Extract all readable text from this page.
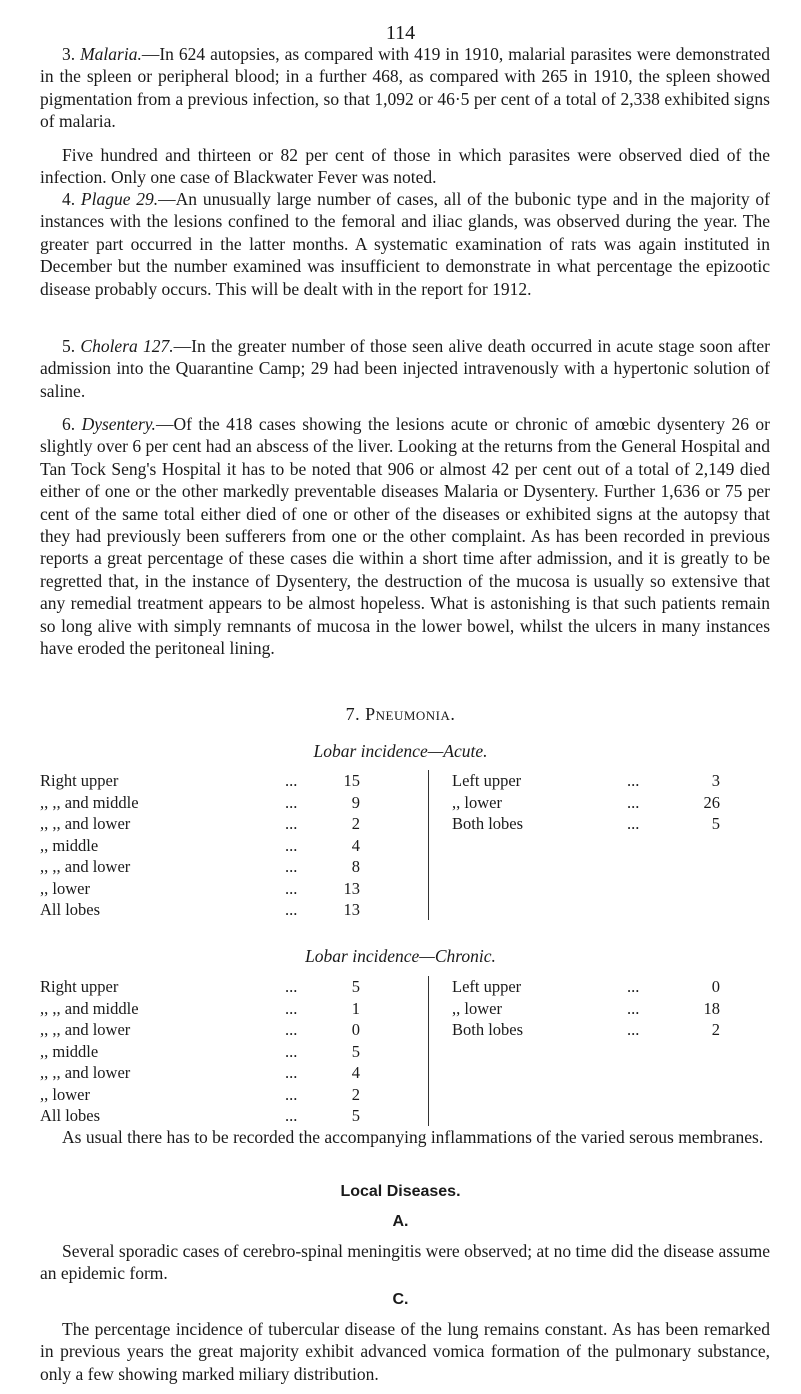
114

3. Malaria.—In 624 autopsies, as compared with 419 in 1910, malarial parasites were demonstrated in the spleen or peripheral blood; in a further 468, as compared with 265 in 1910, the spleen showed pigmentation from a previous infection, so that 1,092 or 46·5 per cent of a total of 2,338 exhibited signs of malaria.

Five hundred and thirteen or 82 per cent of those in which parasites were observed died of the infection. Only one case of Blackwater Fever was noted.

4. Plague 29.—An unusually large number of cases, all of the bubonic type and in the majority of instances with the lesions confined to the femoral and iliac glands, was observed during the year. The greater part occurred in the latter months. A systematic examination of rats was again instituted in December but the number examined was insufficient to demonstrate in what percentage the epizootic disease probably occurs. This will be dealt with in the report for 1912.

5. Cholera 127.—In the greater number of those seen alive death occurred in acute stage soon after admission into the Quarantine Camp; 29 had been injected intravenously with a hypertonic solution of saline.

6. Dysentery.—Of the 418 cases showing the lesions acute or chronic of amœbic dysentery 26 or slightly over 6 per cent had an abscess of the liver. Looking at the returns from the General Hospital and Tan Tock Seng's Hospital it has to be noted that 906 or almost 42 per cent out of a total of 2,149 died either of one or the other markedly preventable diseases Malaria or Dysentery. Further 1,636 or 75 per cent of the same total either died of one or other of the diseases or exhibited signs at the autopsy that they had previously been sufferers from one or the other complaint. As has been recorded in previous reports a great percentage of these cases die within a short time after admission, and it is greatly to be regretted that, in the instance of Dysentery, the destruction of the mucosa is usually so extensive that any remedial treatment appears to be almost hopeless. What is astonishing is that such patients remain so long alive with simply remnants of mucosa in the lower bowel, whilst the ulcers in many instances have eroded the peritoneal lining.

7. Pneumonia.
Lobar incidence—Acute.
Right upper	...	15
,, ,, and middle	...	9
,, ,, and lower	...	2
,, middle	...	4
,, ,, and lower	...	8
,, lower	...	13
All lobes	...	13
Left upper	...	3
,, lower	...	26
Both lobes	...	5
Lobar incidence—Chronic.
Right upper	...	5
,, ,, and middle	...	1
,, ,, and lower	...	0
,, middle	...	5
,, ,, and lower	...	4
,, lower	...	2
All lobes	...	5
Left upper	...	0
,, lower	...	18
Both lobes	...	2

As usual there has to be recorded the accompanying inflammations of the varied serous membranes.

Local Diseases.
A.

Several sporadic cases of cerebro-spinal meningitis were observed; at no time did the disease assume an epidemic form.

C.

The percentage incidence of tubercular disease of the lung remains constant. As has been remarked in previous years the great majority exhibit advanced vomica formation of the pulmonary substance, only a few showing marked miliary distribution.
